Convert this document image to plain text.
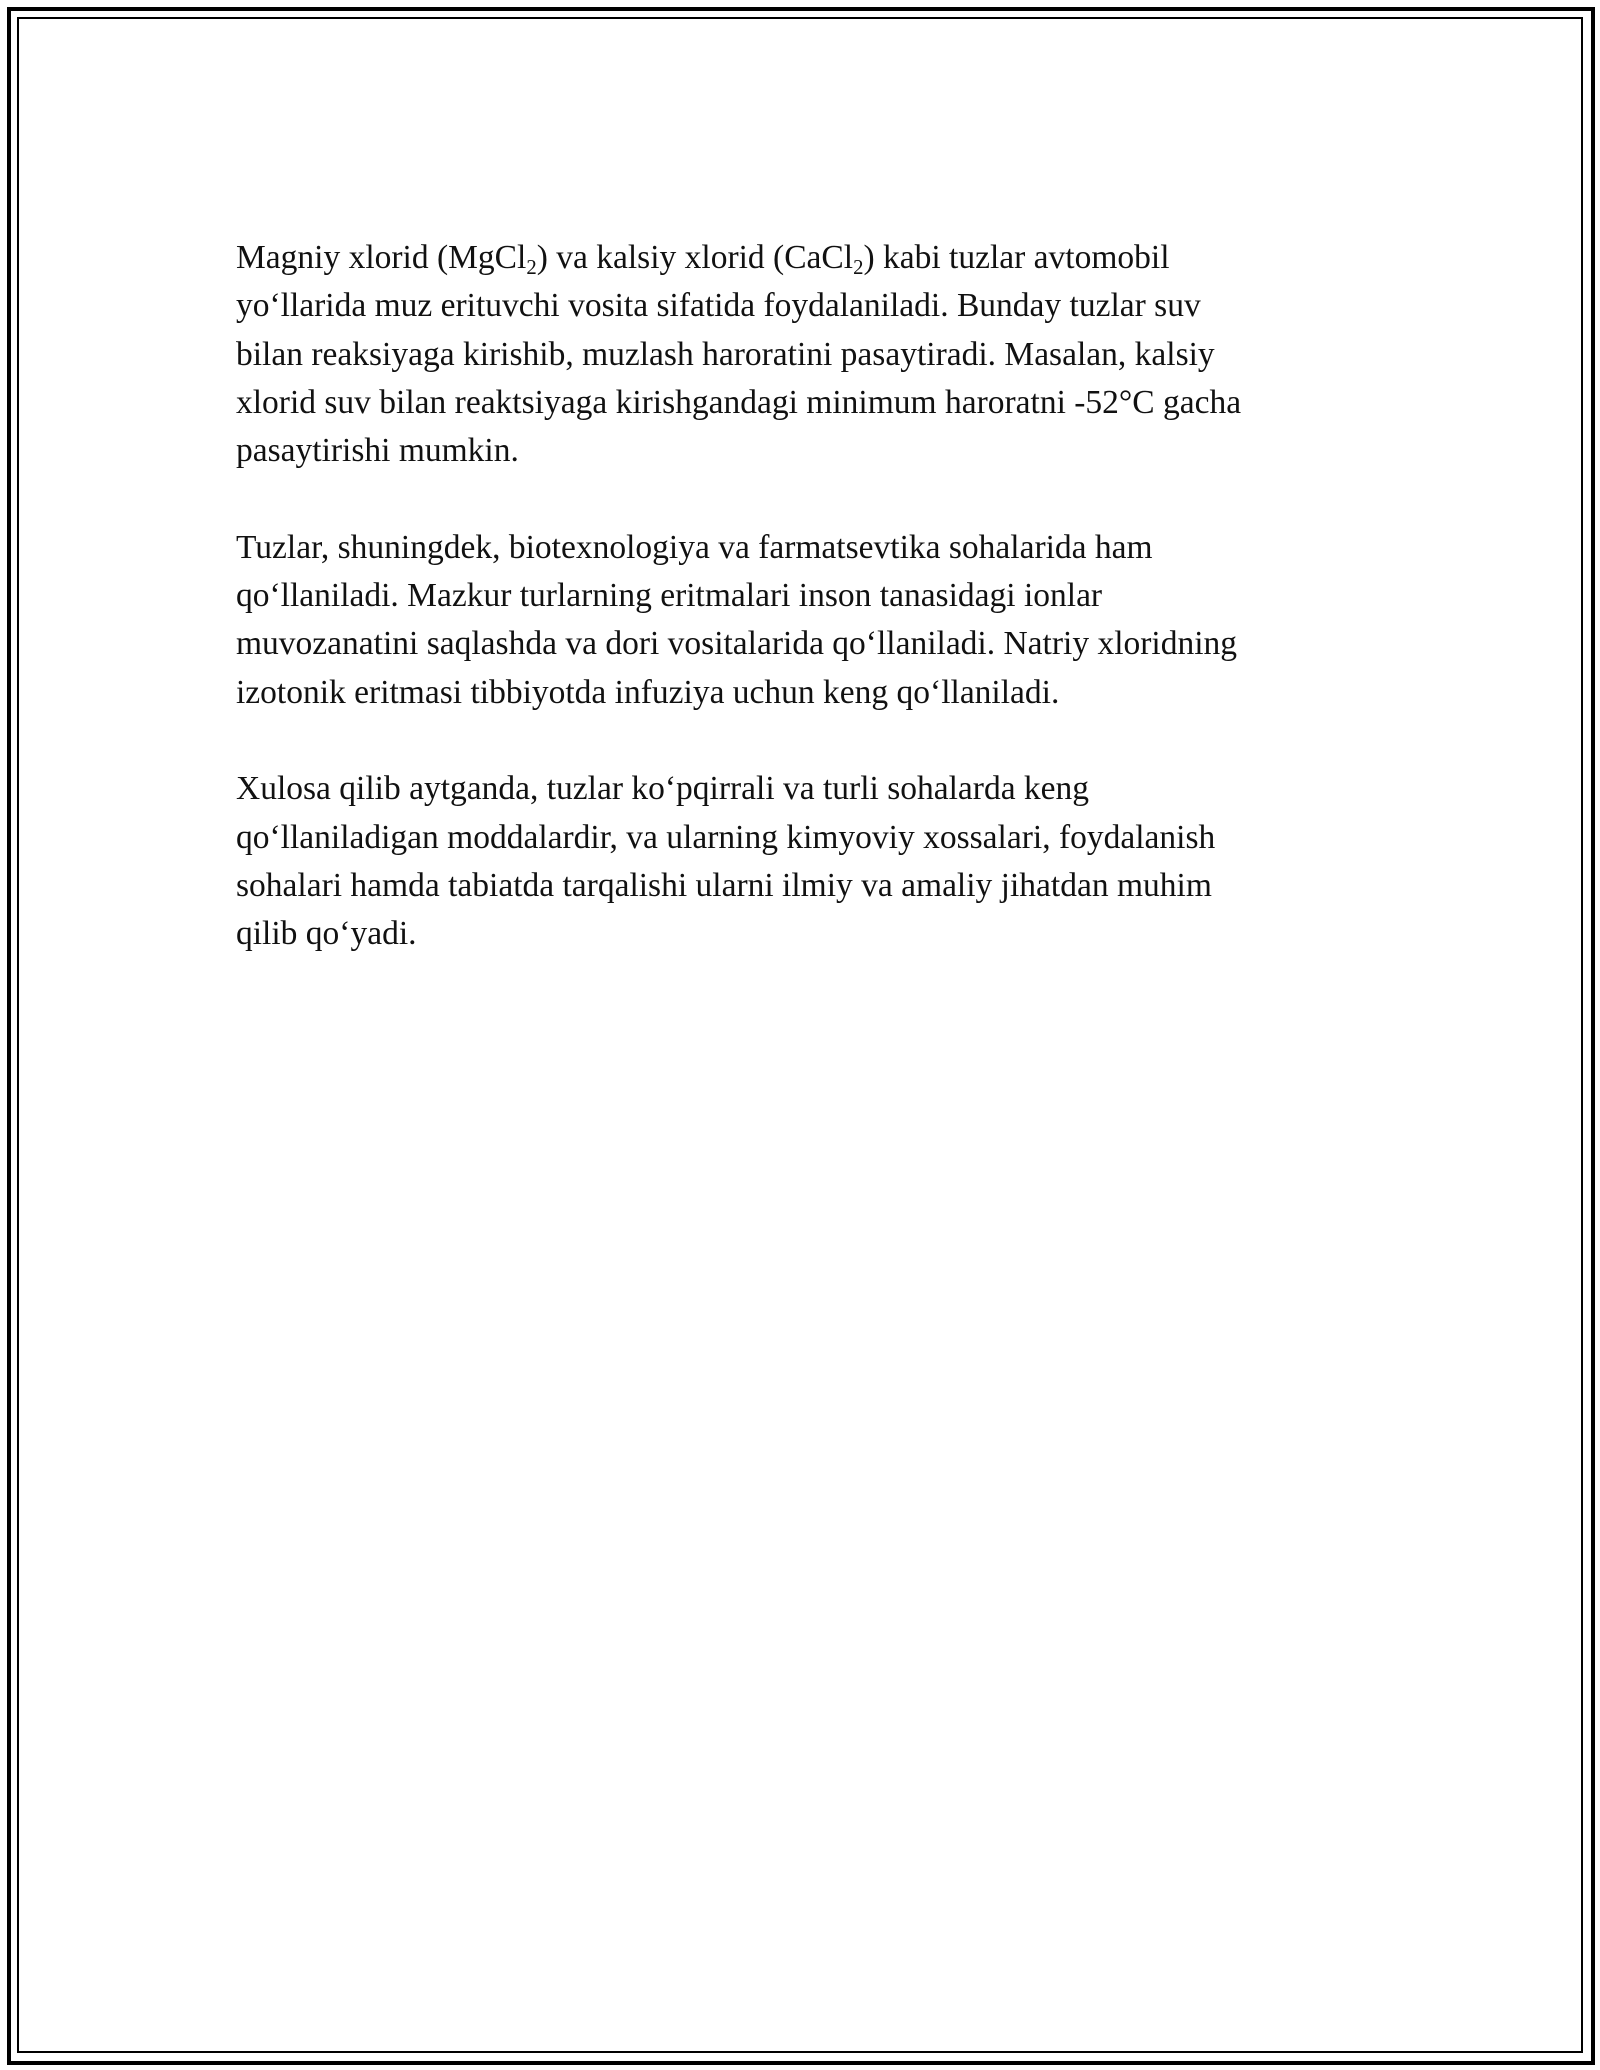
Magniy xlorid (MgCl$_2$) va kalsiy xlorid (CaCl$_2$) kabi tuzlar avtomobil
yo‘llarida muz erituvchi vosita sifatida foydalaniladi. Bunday tuzlar suv
bilan reaksiyaga kirishib, muzlash haroratini pasaytiradi. Masalan, kalsiy
xlorid suv bilan reaktsiyaga kirishgandagi minimum haroratni -52°C gacha
pasaytirishi mumkin.

Tuzlar, shuningdek, biotexnologiya va farmatsevtika sohalarida ham
qo‘llaniladi. Mazkur turlarning eritmalari inson tanasidagi ionlar
muvozanatini saqlashda va dori vositalarida qo‘llaniladi. Natriy xloridning
izotonik eritmasi tibbiyotda infuziya uchun keng qo‘llaniladi.

Xulosa qilib aytganda, tuzlar ko‘pqirrali va turli sohalarda keng
qo‘llaniladigan moddalardir, va ularning kimyoviy xossalari, foydalanish
sohalari hamda tabiatda tarqalishi ularni ilmiy va amaliy jihatdan muhim
qilib qo‘yadi.
